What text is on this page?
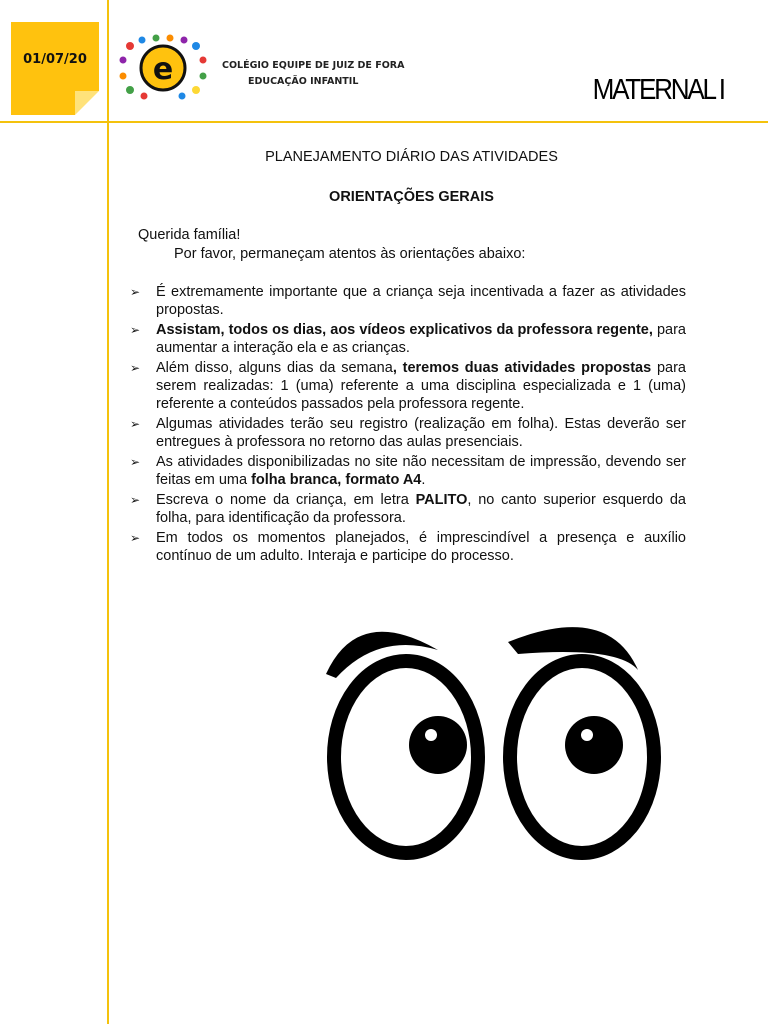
01/07/20	e	COLÉGIO EQUIPE DE JUIZ DE FORA
EDUCAÇÃO INFANTIL	MATERNAL I
PLANEJAMENTO DIÁRIO DAS ATIVIDADES
ORIENTAÇÕES GERAIS
Querida família!
Por favor, permaneçam atentos às orientações abaixo:
➢ É extremamente importante que a criança seja incentivada a fazer as atividades propostas.
➢ Assistam, todos os dias, aos vídeos explicativos da professora regente, para aumentar a interação ela e as crianças.
➢ Além disso, alguns dias da semana, teremos duas atividades propostas para serem realizadas: 1 (uma) referente a uma disciplina especializada e 1 (uma) referente a conteúdos passados pela professora regente.
➢ Algumas atividades terão seu registro (realização em folha). Estas deverão ser entregues à professora no retorno das aulas presenciais.
➢ As atividades disponibilizadas no site não necessitam de impressão, devendo ser feitas em uma folha branca, formato A4.
➢ Escreva o nome da criança, em letra PALITO, no canto superior esquerdo da folha, para identificação da professora.
➢ Em todos os momentos planejados, é imprescindível a presença e auxílio contínuo de um adulto. Interaja e participe do processo.
